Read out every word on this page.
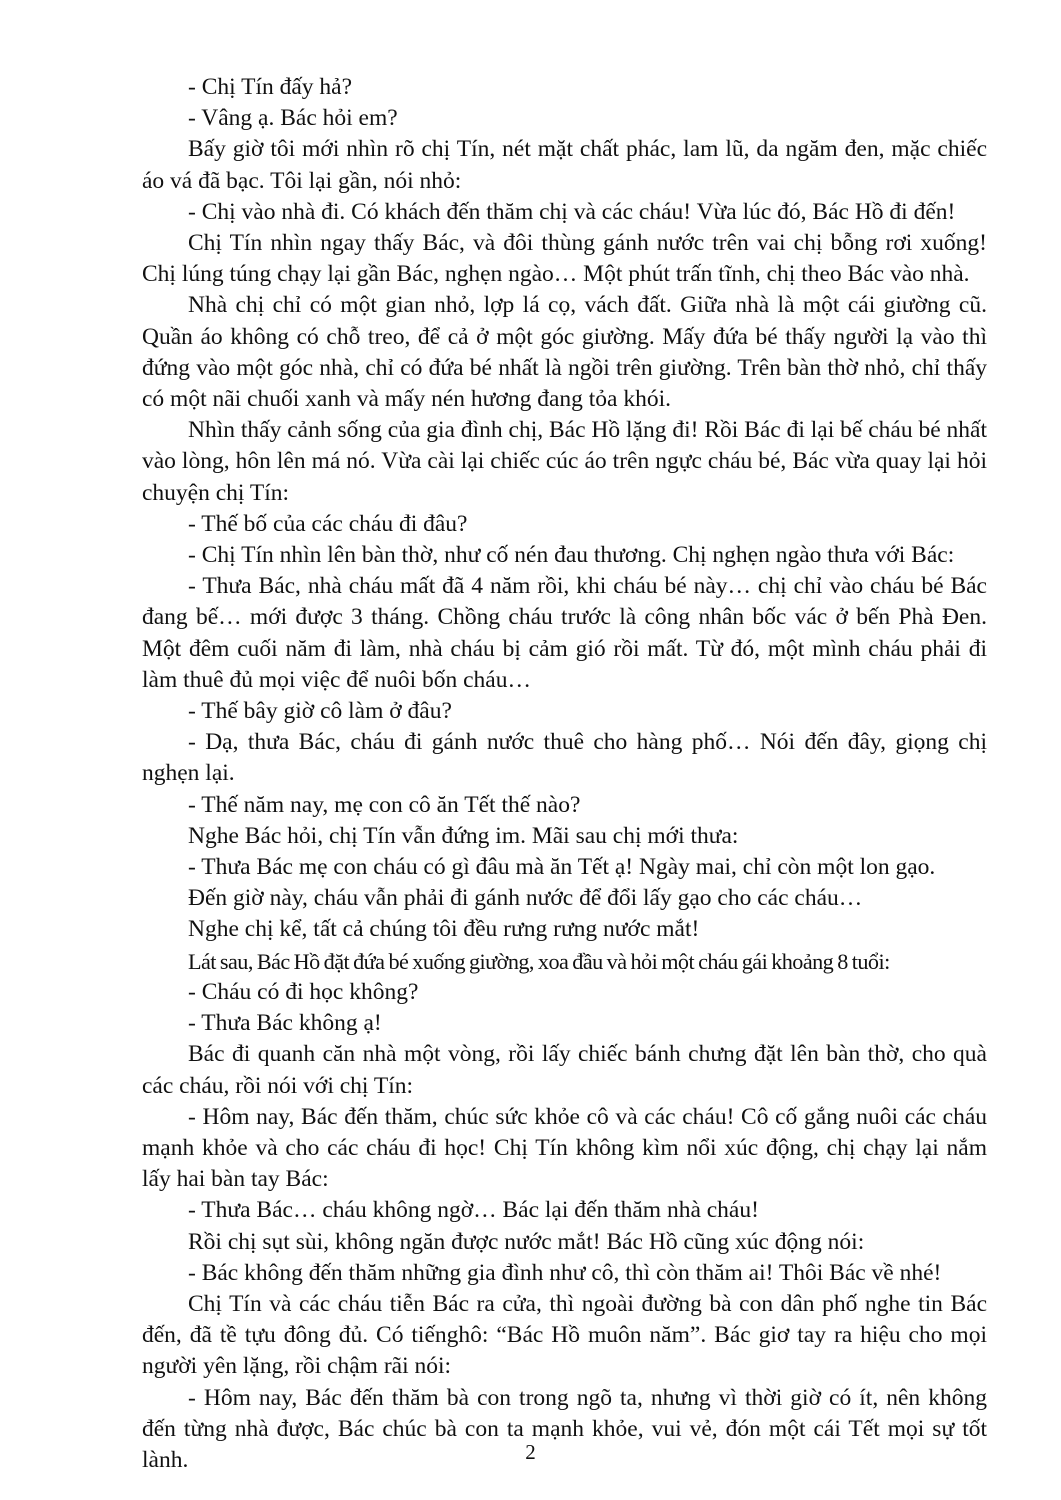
- Chị Tín đấy hả?

- Vâng ạ. Bác hỏi em?

Bấy giờ tôi mới nhìn rõ chị Tín, nét mặt chất phác, lam lũ, da ngăm đen, mặc chiếc áo vá đã bạc. Tôi lại gần, nói nhỏ:

- Chị vào nhà đi. Có khách đến thăm chị và các cháu! Vừa lúc đó, Bác Hồ đi đến!

Chị Tín nhìn ngay thấy Bác, và đôi thùng gánh nước trên vai chị bỗng rơi xuống! Chị lúng túng chạy lại gần Bác, nghẹn ngào… Một phút trấn tĩnh, chị theo Bác vào nhà.

Nhà chị chỉ có một gian nhỏ, lợp lá cọ, vách đất. Giữa nhà là một cái giường cũ. Quần áo không có chỗ treo, để cả ở một góc giường. Mấy đứa bé thấy người lạ vào thì đứng vào một góc nhà, chỉ có đứa bé nhất là ngồi trên giường. Trên bàn thờ nhỏ, chỉ thấy có một nãi chuối xanh và mấy nén hương đang tỏa khói.

Nhìn thấy cảnh sống của gia đình chị, Bác Hồ lặng đi! Rồi Bác đi lại bế cháu bé nhất vào lòng, hôn lên má nó. Vừa cài lại chiếc cúc áo trên ngực cháu bé, Bác vừa quay lại hỏi chuyện chị Tín:

- Thế bố của các cháu đi đâu?

- Chị Tín nhìn lên bàn thờ, như cố nén đau thương. Chị nghẹn ngào thưa với Bác:

- Thưa Bác, nhà cháu mất đã 4 năm rồi, khi cháu bé này… chị chỉ vào cháu bé Bác đang bế… mới được 3 tháng. Chồng cháu trước là công nhân bốc vác ở bến Phà Đen. Một đêm cuối năm đi làm, nhà cháu bị cảm gió rồi mất. Từ đó, một mình cháu phải đi làm thuê đủ mọi việc để nuôi bốn cháu…

- Thế bây giờ cô làm ở đâu?

- Dạ, thưa Bác, cháu đi gánh nước thuê cho hàng phố… Nói đến đây, giọng chị nghẹn lại.

- Thế năm nay, mẹ con cô ăn Tết thế nào?

Nghe Bác hỏi, chị Tín vẫn đứng im. Mãi sau chị mới thưa:

- Thưa Bác mẹ con cháu có gì đâu mà ăn Tết ạ! Ngày mai, chỉ còn một lon gạo.

Đến giờ này, cháu vẫn phải đi gánh nước để đổi lấy gạo cho các cháu…

Nghe chị kể, tất cả chúng tôi đều rưng rưng nước mắt!

Lát sau, Bác Hồ đặt đứa bé xuống giường, xoa đầu và hỏi một cháu gái khoảng 8 tuổi:

- Cháu có đi học không?

- Thưa Bác không ạ!

Bác đi quanh căn nhà một vòng, rồi lấy chiếc bánh chưng đặt lên bàn thờ, cho quà các cháu, rồi nói với chị Tín:

- Hôm nay, Bác đến thăm, chúc sức khỏe cô và các cháu! Cô cố gắng nuôi các cháu mạnh khỏe và cho các cháu đi học! Chị Tín không kìm nổi xúc động, chị chạy lại nắm lấy hai bàn tay Bác:

- Thưa Bác… cháu không ngờ… Bác lại đến thăm nhà cháu!

Rồi chị sụt sùi, không ngăn được nước mắt! Bác Hồ cũng xúc động nói:

- Bác không đến thăm những gia đình như cô, thì còn thăm ai! Thôi Bác về nhé!

Chị Tín và các cháu tiễn Bác ra cửa, thì ngoài đường bà con dân phố nghe tin Bác đến, đã tề tựu đông đủ. Có tiếnghô: “Bác Hồ muôn năm”. Bác giơ tay ra hiệu cho mọi người yên lặng, rồi chậm rãi nói:

- Hôm nay, Bác đến thăm bà con trong ngõ ta, nhưng vì thời giờ có ít, nên không đến từng nhà được, Bác chúc bà con ta mạnh khỏe, vui vẻ, đón một cái Tết mọi sự tốt lành.	2
